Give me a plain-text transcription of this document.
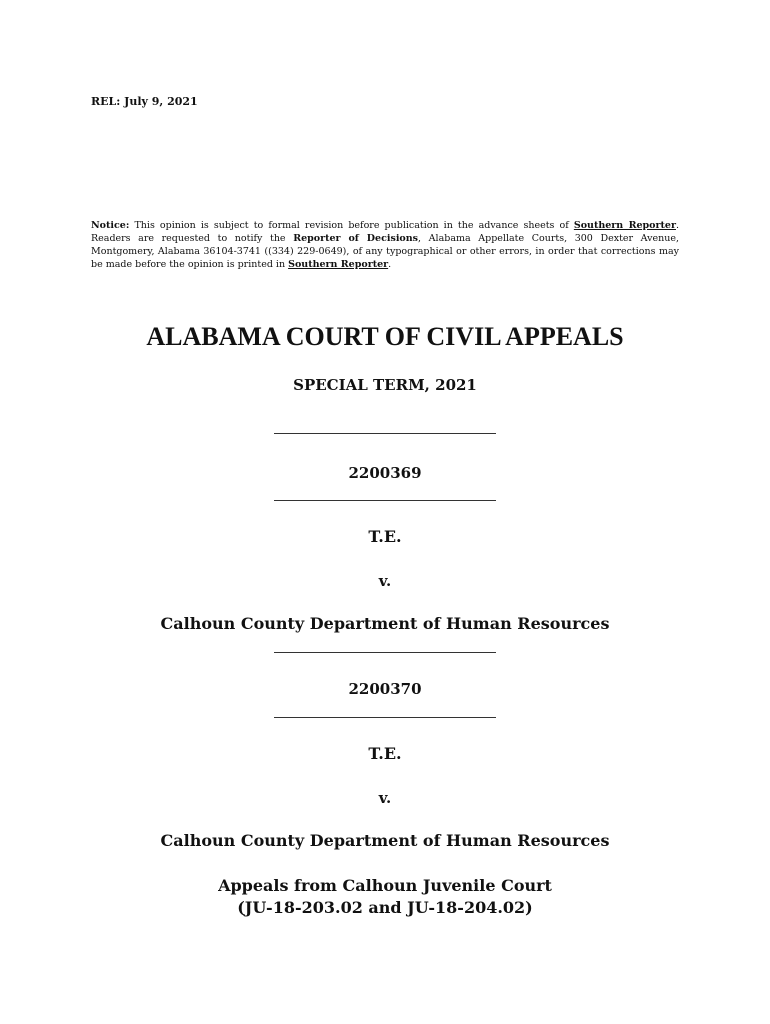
REL: July 9, 2021
Notice: This opinion is subject to formal revision before publication in the advance sheets of Southern Reporter. Readers are requested to notify the Reporter of Decisions, Alabama Appellate Courts, 300 Dexter Avenue, Montgomery, Alabama 36104-3741 ((334) 229-0649), of any typographical or other errors, in order that corrections may be made before the opinion is printed in Southern Reporter.
ALABAMA COURT OF CIVIL APPEALS
SPECIAL TERM, 2021
2200369
T.E.
v.
Calhoun County Department of Human Resources
2200370
T.E.
v.
Calhoun County Department of Human Resources
Appeals from Calhoun Juvenile Court
(JU-18-203.02 and JU-18-204.02)
